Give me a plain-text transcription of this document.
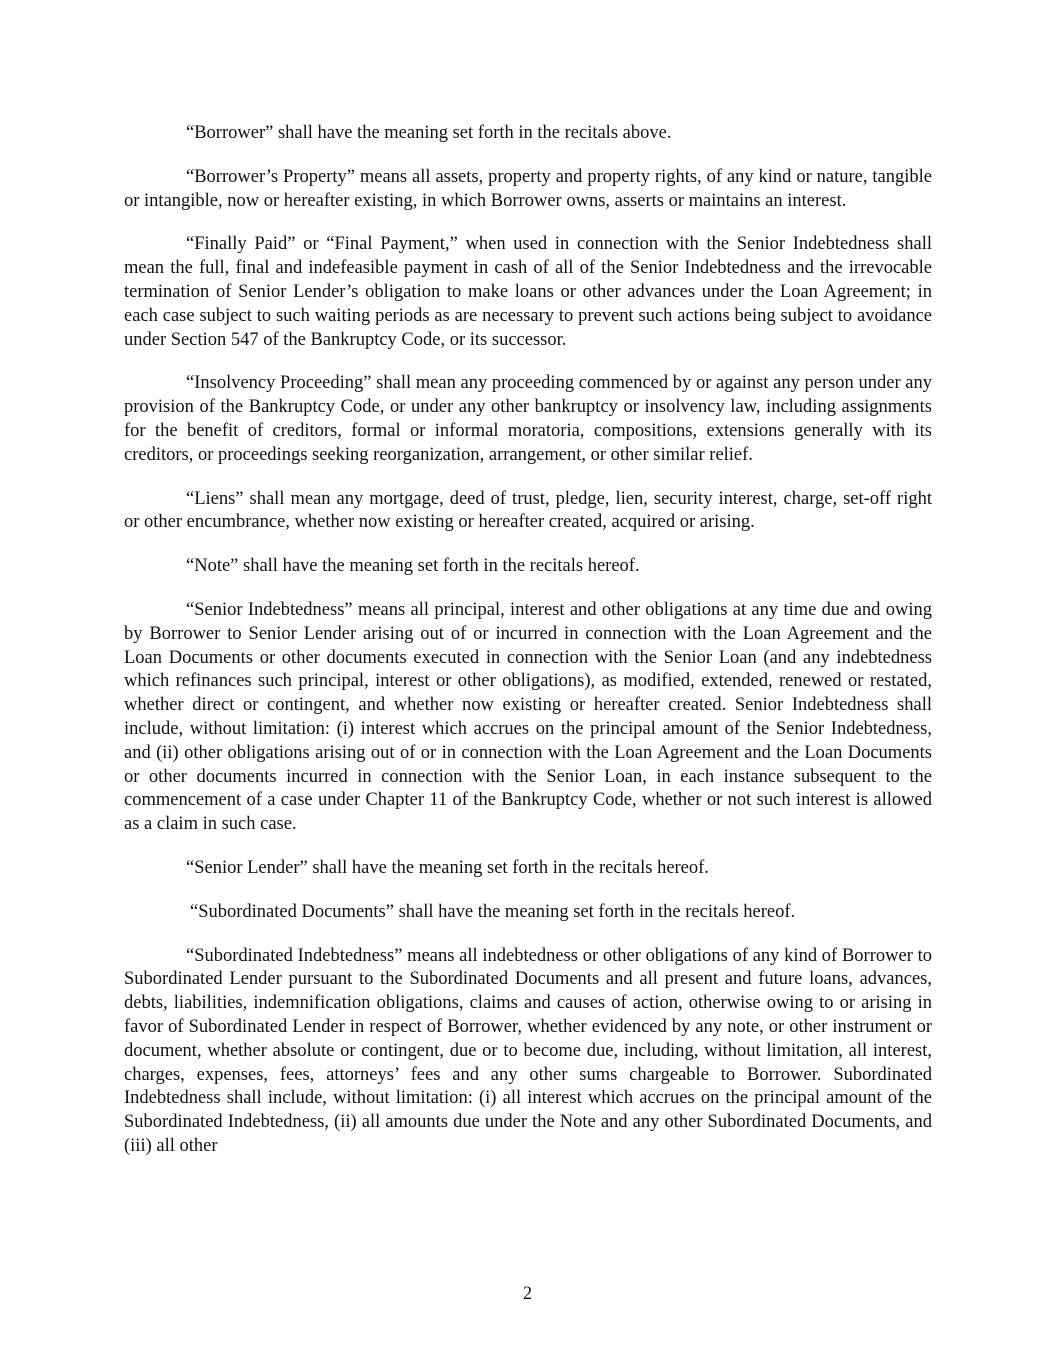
“Borrower” shall have the meaning set forth in the recitals above.

“Borrower’s Property” means all assets, property and property rights, of any kind or nature, tangible or intangible, now or hereafter existing, in which Borrower owns, asserts or maintains an interest.

“Finally Paid” or “Final Payment,” when used in connection with the Senior Indebtedness shall mean the full, final and indefeasible payment in cash of all of the Senior Indebtedness and the irrevocable termination of Senior Lender’s obligation to make loans or other advances under the Loan Agreement; in each case subject to such waiting periods as are necessary to prevent such actions being subject to avoidance under Section 547 of the Bankruptcy Code, or its successor.

“Insolvency Proceeding” shall mean any proceeding commenced by or against any person under any provision of the Bankruptcy Code, or under any other bankruptcy or insolvency law, including assignments for the benefit of creditors, formal or informal moratoria, compositions, extensions generally with its creditors, or proceedings seeking reorganization, arrangement, or other similar relief.

“Liens” shall mean any mortgage, deed of trust, pledge, lien, security interest, charge, set-off right or other encumbrance, whether now existing or hereafter created, acquired or arising.

“Note” shall have the meaning set forth in the recitals hereof.

“Senior Indebtedness” means all principal, interest and other obligations at any time due and owing by Borrower to Senior Lender arising out of or incurred in connection with the Loan Agreement and the Loan Documents or other documents executed in connection with the Senior Loan (and any indebtedness which refinances such principal, interest or other obligations), as modified, extended, renewed or restated, whether direct or contingent, and whether now existing or hereafter created. Senior Indebtedness shall include, without limitation: (i) interest which accrues on the principal amount of the Senior Indebtedness, and (ii) other obligations arising out of or in connection with the Loan Agreement and the Loan Documents or other documents incurred in connection with the Senior Loan, in each instance subsequent to the commencement of a case under Chapter 11 of the Bankruptcy Code, whether or not such interest is allowed as a claim in such case.

“Senior Lender” shall have the meaning set forth in the recitals hereof.

“Subordinated Documents” shall have the meaning set forth in the recitals hereof.

“Subordinated Indebtedness” means all indebtedness or other obligations of any kind of Borrower to Subordinated Lender pursuant to the Subordinated Documents and all present and future loans, advances, debts, liabilities, indemnification obligations, claims and causes of action, otherwise owing to or arising in favor of Subordinated Lender in respect of Borrower, whether evidenced by any note, or other instrument or document, whether absolute or contingent, due or to become due, including, without limitation, all interest, charges, expenses, fees, attorneys’ fees and any other sums chargeable to Borrower. Subordinated Indebtedness shall include, without limitation: (i) all interest which accrues on the principal amount of the Subordinated Indebtedness, (ii) all amounts due under the Note and any other Subordinated Documents, and (iii) all other

2
